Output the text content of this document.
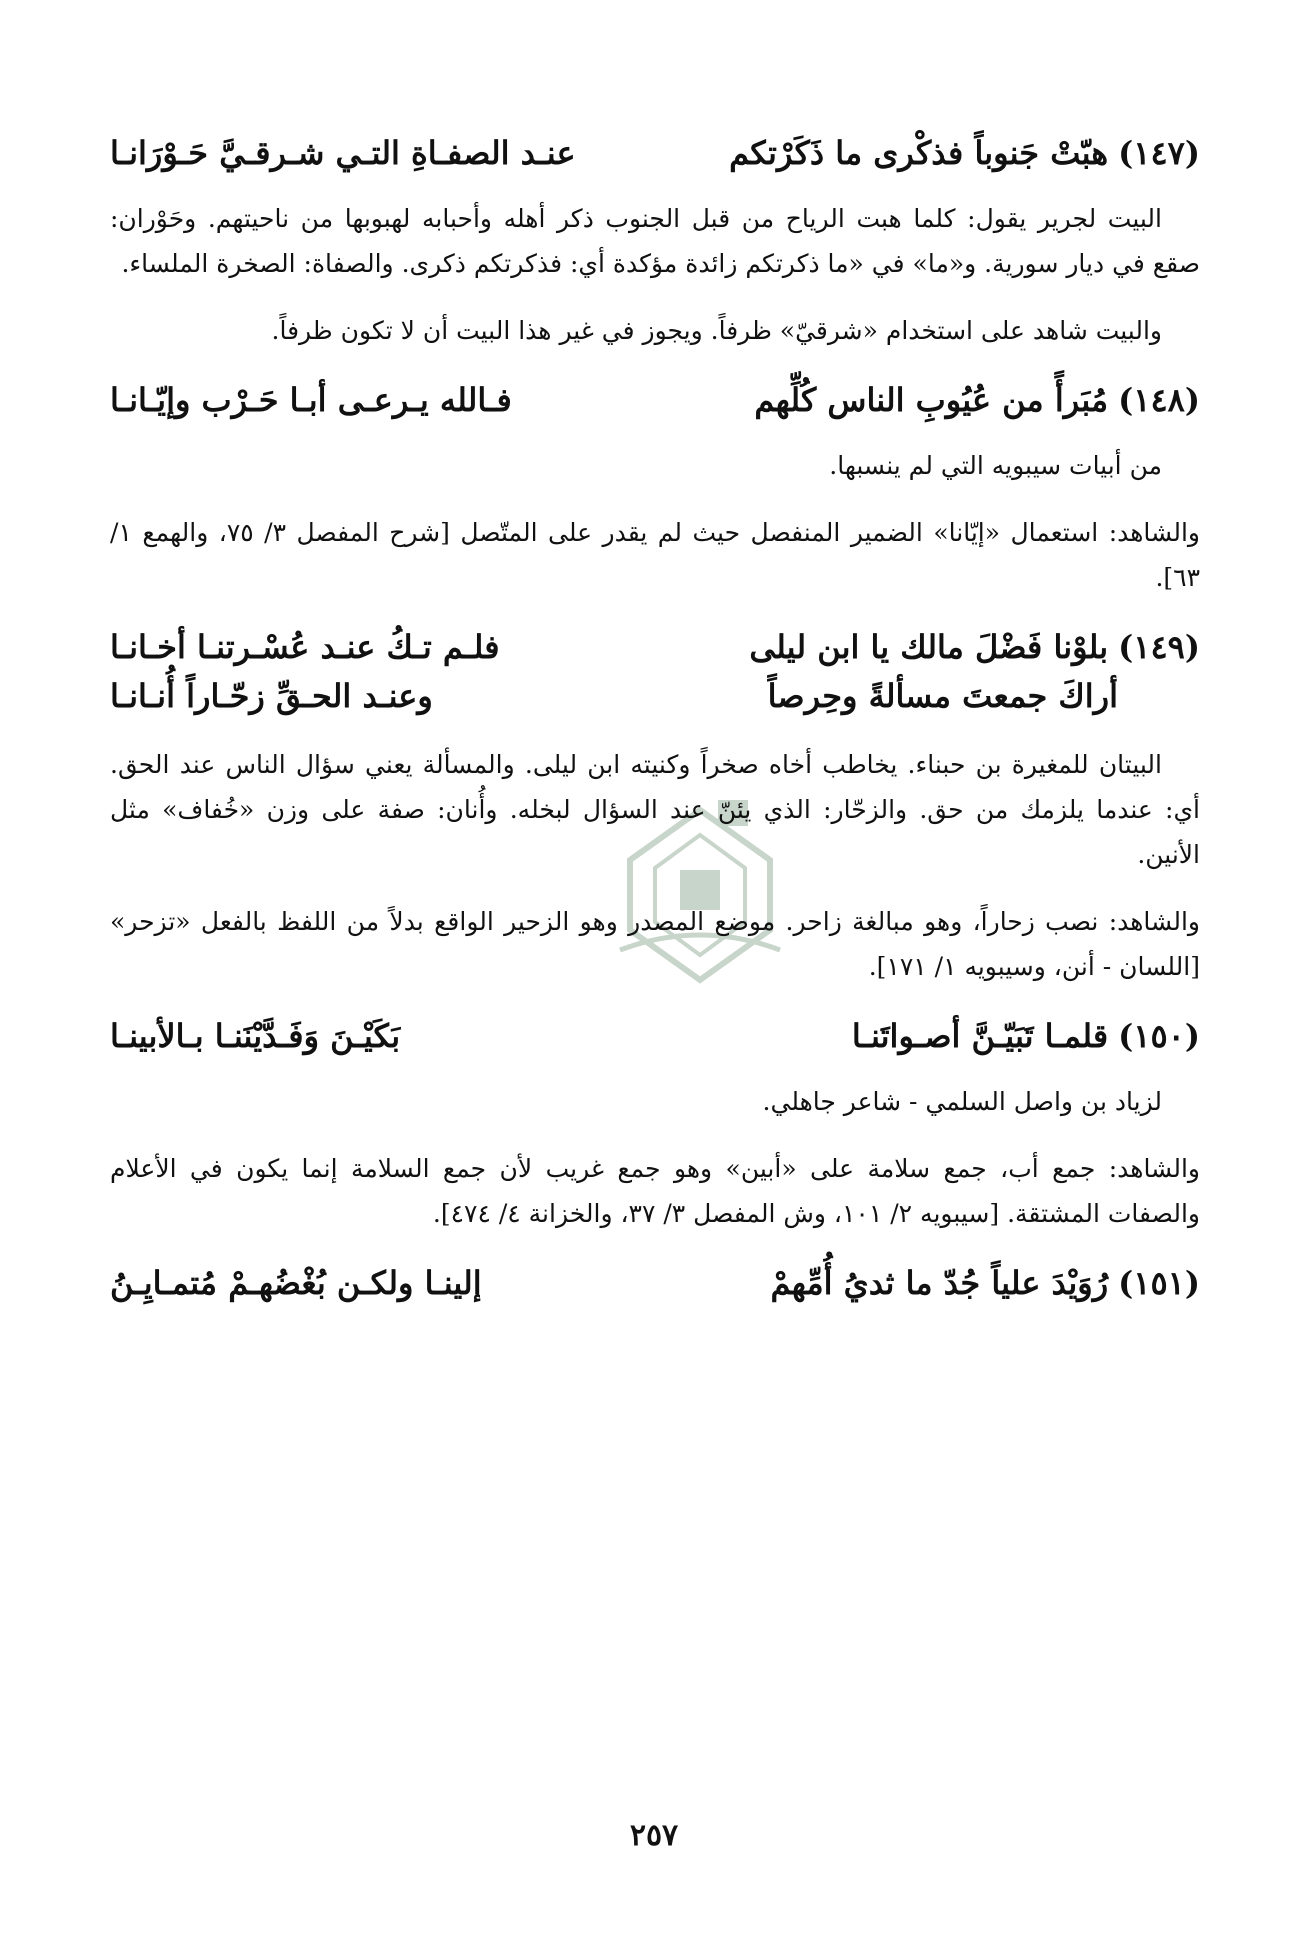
(١٤٧)
هبّتْ جَنوباً فذكْرى ما ذَكَرْتكم
عنـد الصفـاةِ التـي شـرقـيَّ حَـوْرَانـا

البيت لجرير يقول: كلما هبت الرياح من قبل الجنوب ذكر أهله وأحبابه لهبوبها من ناحيتهم. وحَوْران: صقع في ديار سورية. و«ما» في «ما ذكرتكم زائدة مؤكدة أي: فذكرتكم ذكرى. والصفاة: الصخرة الملساء.

والبيت شاهد على استخدام «شرقيّ» ظرفاً. ويجوز في غير هذا البيت أن لا تكون ظرفاً.

(١٤٨)
مُبَرأً من عُيُوبِ الناس كُلِّهم
فـالله يـرعـى أبـا حَـرْب وإيّـانـا

من أبيات سيبويه التي لم ينسبها.

والشاهد: استعمال «إيّانا» الضمير المنفصل حيث لم يقدر على المتّصل [شرح المفصل ٣/ ٧٥، والهمع ١/ ٦٣].

(١٤٩)
بلوْنا فَضْلَ مالك يا ابن ليلى
فلـم تـكُ عنـد عُسْـرتنـا أخـانـا
أراكَ جمعتَ مسألةً وحِرصاً
وعنـد الحـقِّ زحّـاراً أُنـانـا

البيتان للمغيرة بن حبناء. يخاطب أخاه صخراً وكنيته ابن ليلى. والمسألة يعني سؤال الناس عند الحق. أي: عندما يلزمك من حق. والزحّار: الذي يئنّ عند السؤال لبخله. وأُنان: صفة على وزن «خُفاف» مثل الأنين.

والشاهد: نصب زحاراً، وهو مبالغة زاحر. موضع المصدر وهو الزحير الواقع بدلاً من اللفظ بالفعل «تزحر» [اللسان - أنن، وسيبويه ١/ ١٧١].

(١٥٠)
قلمـا تَبَيّـنَّ أصـواتَنـا
بَكَيْـنَ وَفَـدَّيْنَنـا بـالأبينـا

لزياد بن واصل السلمي - شاعر جاهلي.

والشاهد: جمع أب، جمع سلامة على «أبين» وهو جمع غريب لأن جمع السلامة إنما يكون في الأعلام والصفات المشتقة. [سيبويه ٢/ ١٠١، وش المفصل ٣/ ٣٧، والخزانة ٤/ ٤٧٤].

(١٥١)
رُوَيْدَ علياً جُدّ ما ثديُ أُمِّهمْ
إلينـا ولكـن بُغْضُهـمْ مُتمـايِـنُ
٢٥٧
